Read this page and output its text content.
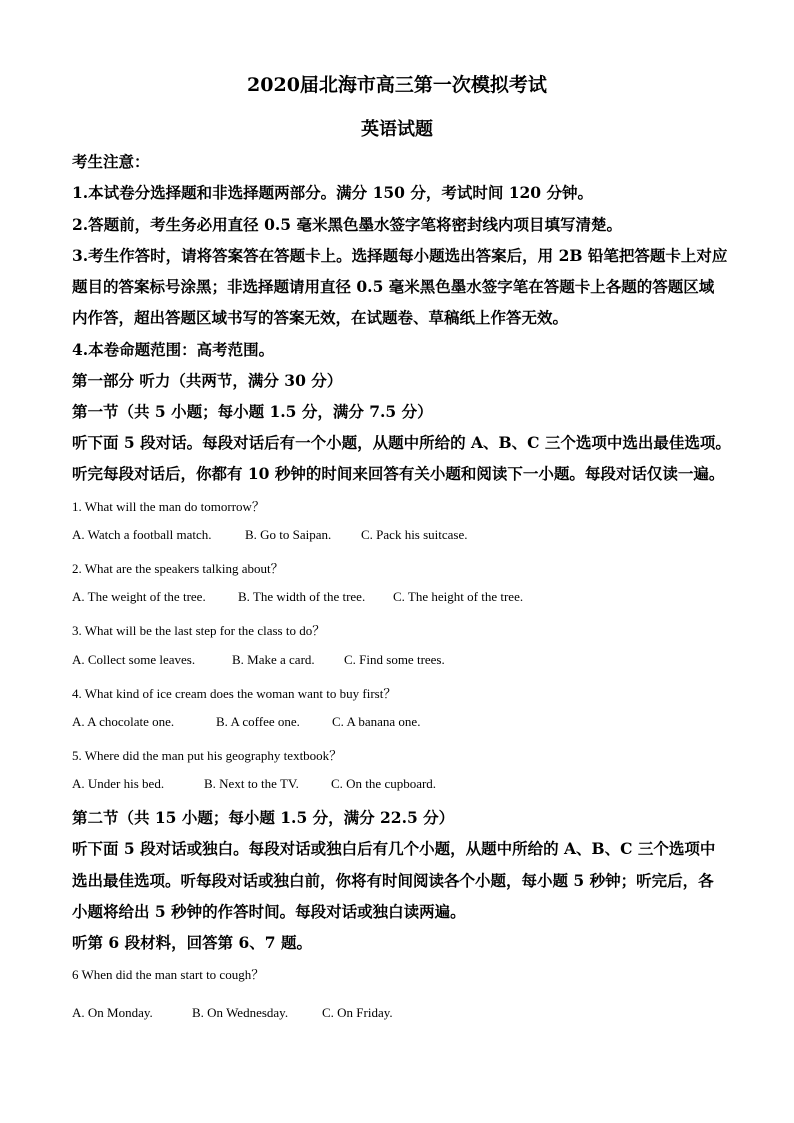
2020届北海市高三第一次模拟考试
英语试题
考生注意：
1.本试卷分选择题和非选择题两部分。满分 150 分，考试时间 120 分钟。
2.答题前，考生务必用直径 0.5 毫米黑色墨水签字笔将密封线内项目填写清楚。
3.考生作答时，请将答案答在答题卡上。选择题每小题选出答案后，用 2B 铅笔把答题卡上对应
题目的答案标号涂黑；非选择题请用直径 0.5 毫米黑色墨水签字笔在答题卡上各题的答题区域
内作答，超出答题区域书写的答案无效，在试题卷、草稿纸上作答无效。
4.本卷命题范围：高考范围。
第一部分 听力（共两节，满分 30 分）
第一节（共 5 小题；每小题 1.5 分，满分 7.5 分）
听下面 5 段对话。每段对话后有一个小题，从题中所给的 A、B、C 三个选项中选出最佳选项。
听完每段对话后，你都有 10 秒钟的时间来回答有关小题和阅读下一小题。每段对话仅读一遍。
1. What will the man do tomorrow？
A. Watch a football match.	B. Go to Saipan. C. Pack his suitcase.
2. What are the speakers talking about？
A. The weight of the tree. B. The width of the tree. C. The height of the tree.
3. What will be the last step for the class to do？
A. Collect some leaves.	B. Make a card. C. Find some trees.
4. What kind of ice cream does the woman want to buy first？
A. A chocolate one.	B. A coffee one. C. A banana one.
5. Where did the man put his geography textbook？
A. Under his bed.	B. Next to the TV. C. On the cupboard.
第二节（共 15 小题；每小题 1.5 分，满分 22.5 分）
听下面 5 段对话或独白。每段对话或独白后有几个小题，从题中所给的 A、B、C 三个选项中
选出最佳选项。听每段对话或独白前，你将有时间阅读各个小题，每小题 5 秒钟；听完后，各
小题将给出 5 秒钟的作答时间。每段对话或独白读两遍。
听第 6 段材料，回答第 6、7 题。
6 When did the man start to cough？
A. On Monday.	B. On Wednesday.	C. On Friday.
